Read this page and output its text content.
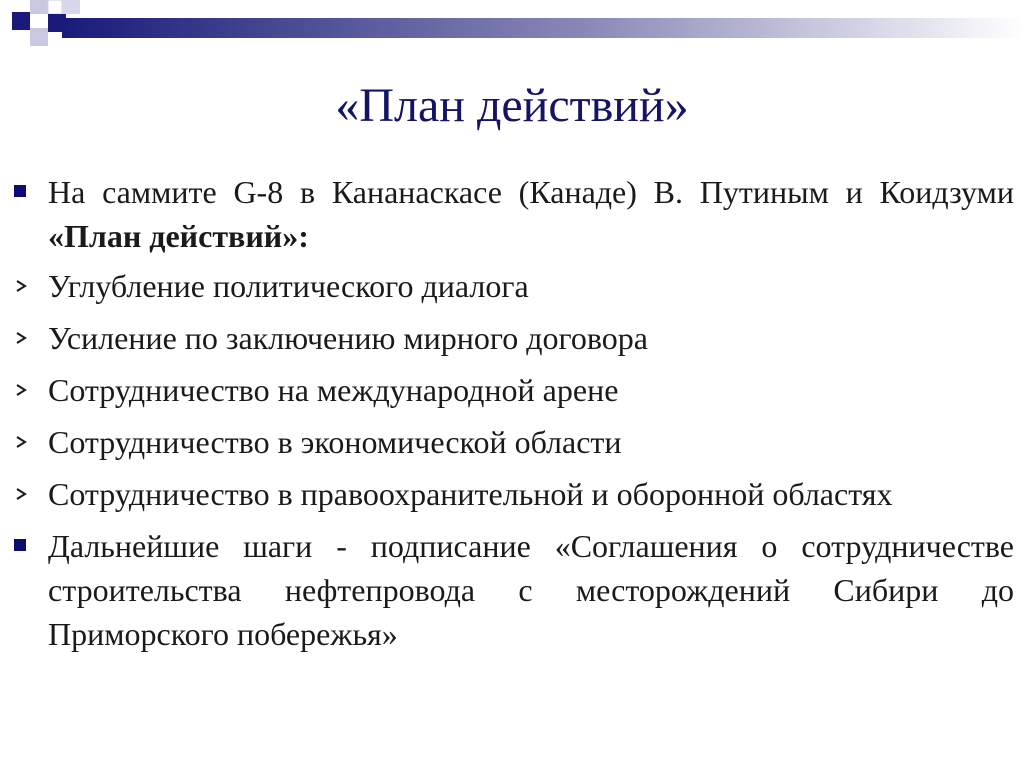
«План действий»
На саммите G-8 в Кананаскасе (Канаде) В. Путиным и Коидзуми «План действий»:
Углубление политического диалога
Усиление по заключению мирного договора
Сотрудничество на международной арене
Сотрудничество в экономической области
Сотрудничество в правоохранительной и оборонной областях
Дальнейшие шаги - подписание «Соглашения о сотрудничестве строительства нефтепровода с месторождений Сибири до Приморского побережья»
